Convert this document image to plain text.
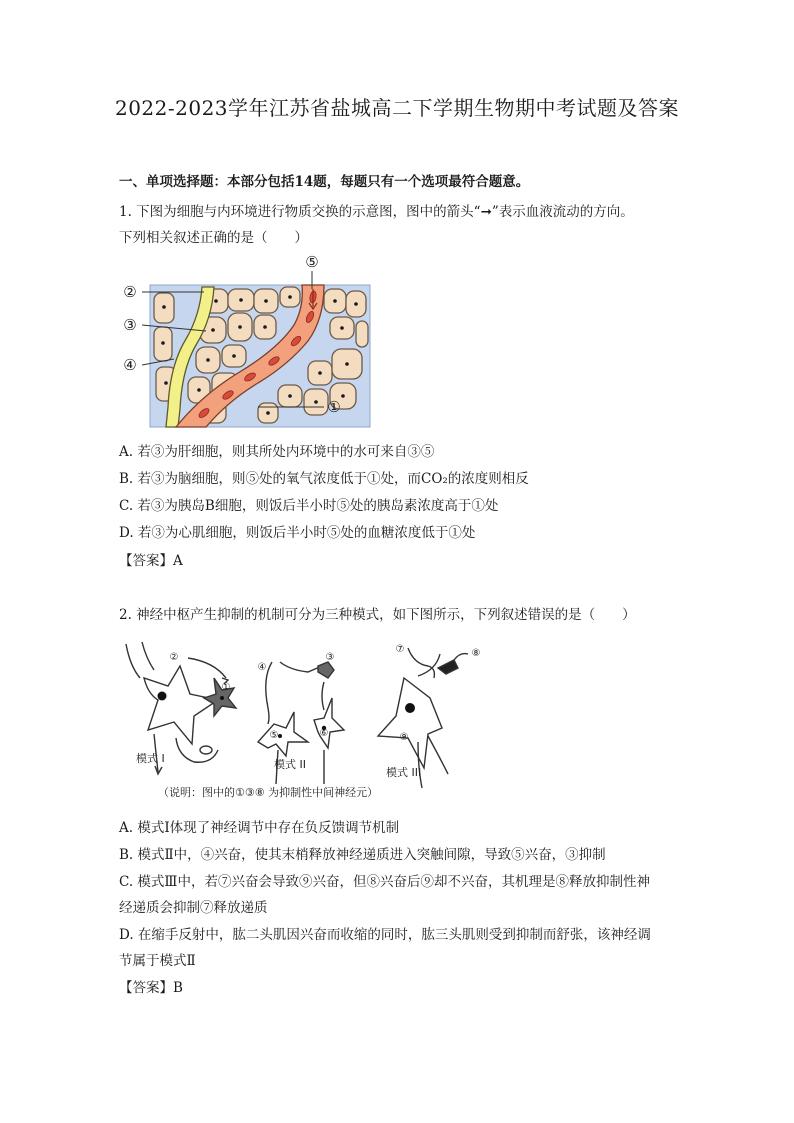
2022-2023学年江苏省盐城高二下学期生物期中考试题及答案
一、单项选择题：本部分包括14题，每题只有一个选项最符合题意。
1. 下图为细胞与内环境进行物质交换的示意图，图中的箭头“➞”表示血液流动的方向。
下列相关叙述正确的是（　　）
②
③
④
⑤
①
A. 若③为肝细胞，则其所处内环境中的水可来自③⑤
B. 若③为脑细胞，则⑤处的氧气浓度低于①处，而CO₂的浓度则相反
C. 若③为胰岛B细胞，则饭后半小时⑤处的胰岛素浓度高于①处
D. 若③为心肌细胞，则饭后半小时⑤处的血糖浓度低于①处
【答案】A
2. 神经中枢产生抑制的机制可分为三种模式，如下图所示，下列叙述错误的是（　　）
②
①
④
③
⑤	⑥
⑦	⑧
⑨
模式 I	模式 II
模式 III
（说明：图中的①③⑧ 为抑制性中间神经元）
A. 模式Ⅰ体现了神经调节中存在负反馈调节机制
B. 模式Ⅱ中，④兴奋，使其末梢释放神经递质进入突触间隙，导致⑤兴奋，③抑制
C. 模式Ⅲ中，若⑦兴奋会导致⑨兴奋，但⑧兴奋后⑨却不兴奋，其机理是⑧释放抑制性神
经递质会抑制⑦释放递质
D. 在缩手反射中，肱二头肌因兴奋而收缩的同时，肱三头肌则受到抑制而舒张，该神经调
节属于模式Ⅱ
【答案】B
